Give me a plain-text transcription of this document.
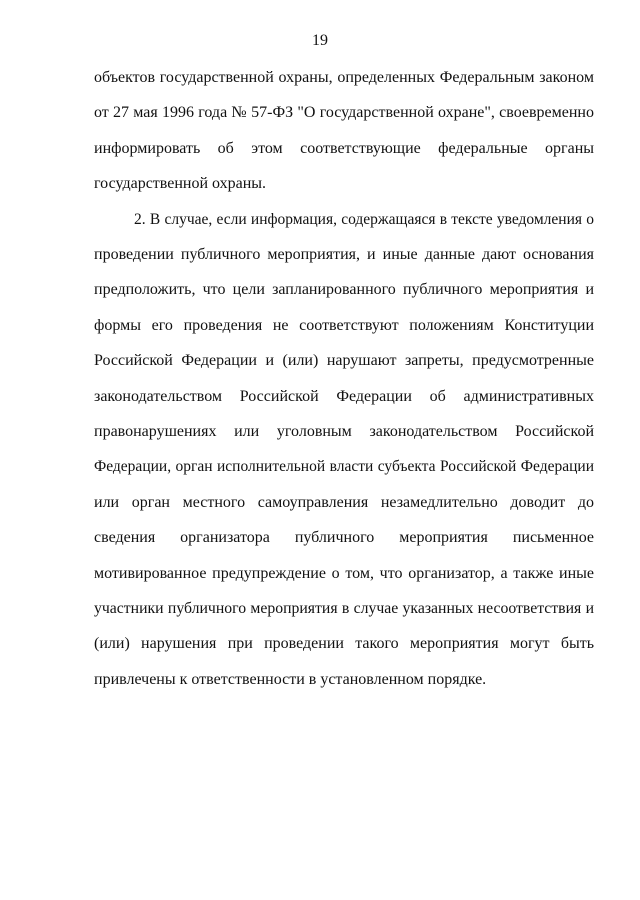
19
объектов государственной охраны, определенных Федеральным законом
от 27 мая 1996 года № 57-ФЗ "О государственной охране", своевременно
информировать об этом соответствующие федеральные органы
государственной охраны.
2. В случае, если информация, содержащаяся в тексте уведомления о
проведении публичного мероприятия, и иные данные дают основания
предположить, что цели запланированного публичного мероприятия и
формы его проведения не соответствуют положениям Конституции
Российской Федерации и (или) нарушают запреты, предусмотренные
законодательством Российской Федерации об административных
правонарушениях или уголовным законодательством Российской
Федерации, орган исполнительной власти субъекта Российской Федерации
или орган местного самоуправления незамедлительно доводит до
сведения организатора публичного мероприятия письменное
мотивированное предупреждение о том, что организатор, а также иные
участники публичного мероприятия в случае указанных несоответствия и
(или) нарушения при проведении такого мероприятия могут быть
привлечены к ответственности в установленном порядке.
